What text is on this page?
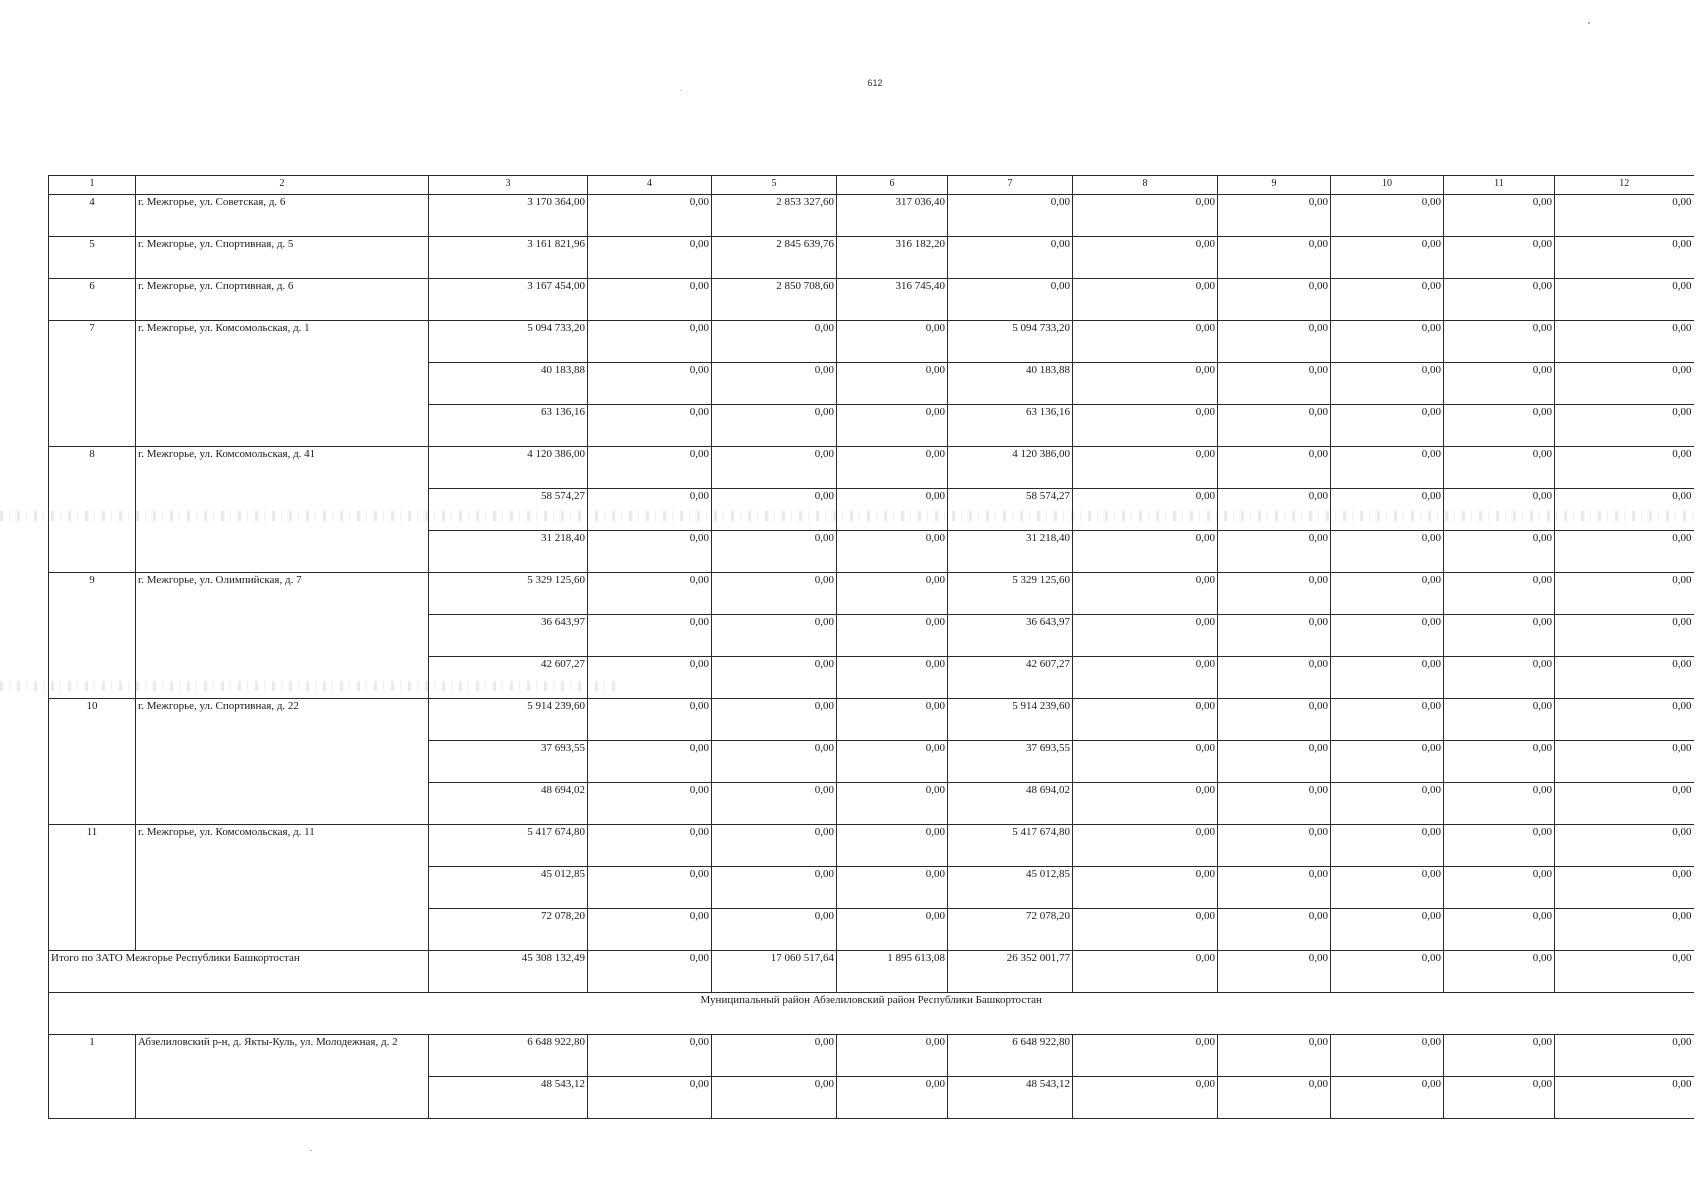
612
1	2	3	4	5	6	7	8	9	10	11	12
4	г. Межгорье, ул. Советская, д. 6	3 170 364,00	0,00	2 853 327,60	317 036,40	0,00	0,00	0,00	0,00	0,00	0,00
5	г. Межгорье, ул. Спортивная, д. 5	3 161 821,96	0,00	2 845 639,76	316 182,20	0,00	0,00	0,00	0,00	0,00	0,00
6	г. Межгорье, ул. Спортивная, д. 6	3 167 454,00	0,00	2 850 708,60	316 745,40	0,00	0,00	0,00	0,00	0,00	0,00
7	г. Межгорье, ул. Комсомольская, д. 1	5 094 733,20	0,00	0,00	0,00	5 094 733,20	0,00	0,00	0,00	0,00	0,00
		40 183,88	0,00	0,00	0,00	40 183,88	0,00	0,00	0,00	0,00	0,00
		63 136,16	0,00	0,00	0,00	63 136,16	0,00	0,00	0,00	0,00	0,00
8	г. Межгорье, ул. Комсомольская, д. 41	4 120 386,00	0,00	0,00	0,00	4 120 386,00	0,00	0,00	0,00	0,00	0,00
		58 574,27	0,00	0,00	0,00	58 574,27	0,00	0,00	0,00	0,00	0,00
		31 218,40	0,00	0,00	0,00	31 218,40	0,00	0,00	0,00	0,00	0,00
9	г. Межгорье, ул. Олимпийская, д. 7	5 329 125,60	0,00	0,00	0,00	5 329 125,60	0,00	0,00	0,00	0,00	0,00
		36 643,97	0,00	0,00	0,00	36 643,97	0,00	0,00	0,00	0,00	0,00
		42 607,27	0,00	0,00	0,00	42 607,27	0,00	0,00	0,00	0,00	0,00
10	г. Межгорье, ул. Спортивная, д. 22	5 914 239,60	0,00	0,00	0,00	5 914 239,60	0,00	0,00	0,00	0,00	0,00
		37 693,55	0,00	0,00	0,00	37 693,55	0,00	0,00	0,00	0,00	0,00
		48 694,02	0,00	0,00	0,00	48 694,02	0,00	0,00	0,00	0,00	0,00
11	г. Межгорье, ул. Комсомольская, д. 11	5 417 674,80	0,00	0,00	0,00	5 417 674,80	0,00	0,00	0,00	0,00	0,00
		45 012,85	0,00	0,00	0,00	45 012,85	0,00	0,00	0,00	0,00	0,00
		72 078,20	0,00	0,00	0,00	72 078,20	0,00	0,00	0,00	0,00	0,00
Итого по ЗАТО Межгорье Республики Башкортостан		45 308 132,49	0,00	17 060 517,64	1 895 613,08	26 352 001,77	0,00	0,00	0,00	0,00	0,00
Муниципальный район Абзелиловский район Республики Башкортостан											
1	Абзелиловский р-н, д. Якты-Куль, ул. Молодежная, д. 2	6 648 922,80	0,00	0,00	0,00	6 648 922,80	0,00	0,00	0,00	0,00	0,00
		48 543,12	0,00	0,00	0,00	48 543,12	0,00	0,00	0,00	0,00	0,00
